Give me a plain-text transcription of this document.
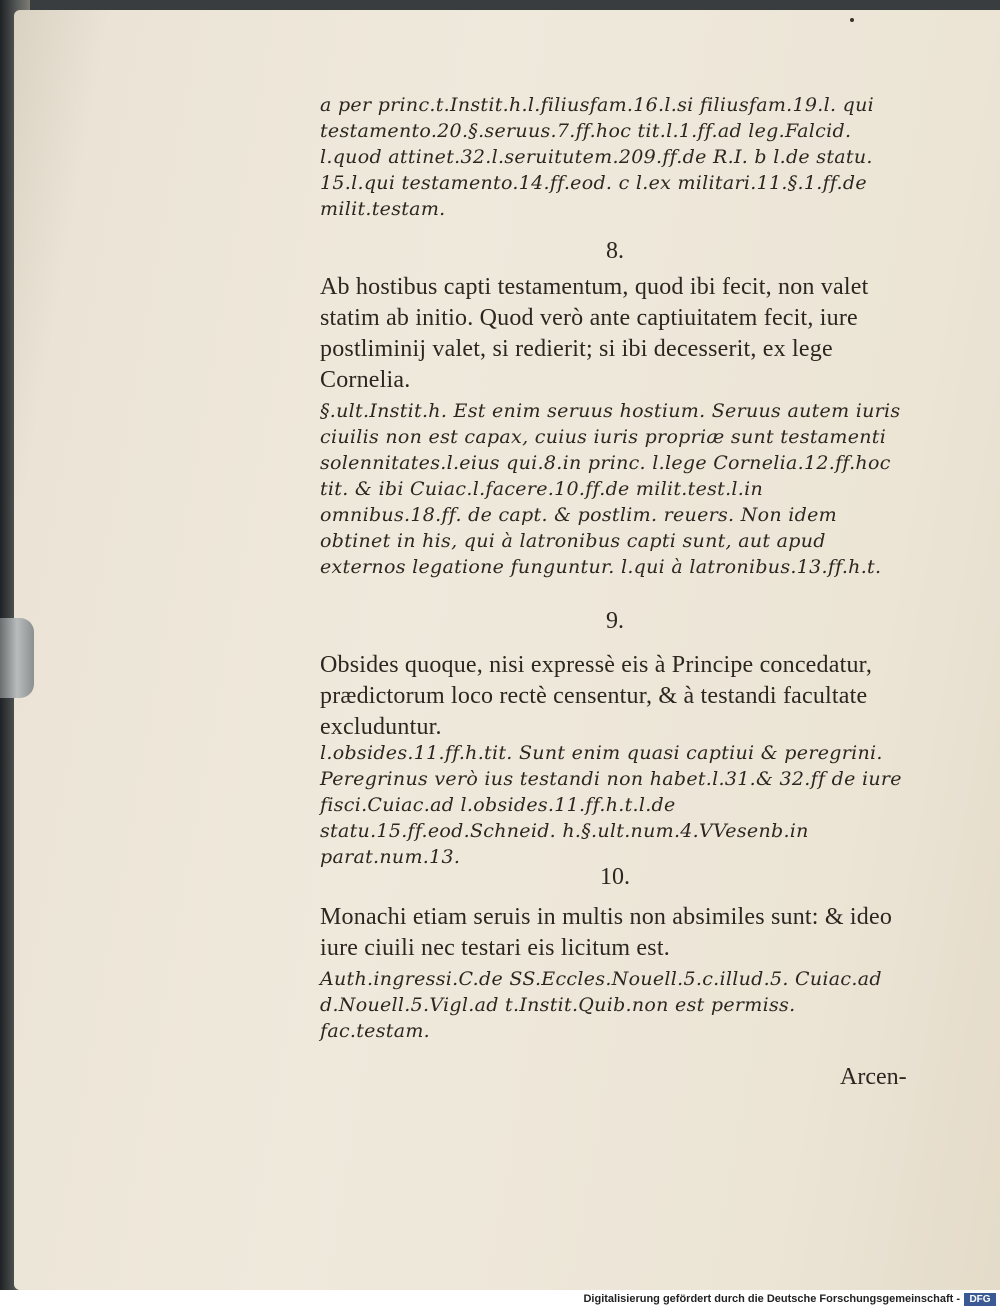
a per princ.t.Instit.h.l.filiusfam.16.l.si filiusfam.19.l. qui testamento.20.§.seruus.7.ff.hoc tit.l.1.ff.ad leg.Falcid. l.quod attinet.32.l.seruitutem.209.ff.de R.I. b l.de statu. 15.l.qui testamento.14.ff.eod. c l.ex militari.11.§.1.ff.de milit.testam.
8.
Ab hostibus capti testamentum, quod ibi fecit, non valet statim ab initio. Quod verò ante captiuitatem fecit, iure postliminij valet, si redierit; si ibi decesserit, ex lege Cornelia.
§.ult.Instit.h. Est enim seruus hostium. Seruus autem iuris ciuilis non est capax, cuius iuris propriæ sunt testamenti solennitates.l.eius qui.8.in princ. l.lege Cornelia.12.ff.hoc tit. & ibi Cuiac.l.facere.10.ff.de milit.test.l.in omnibus.18.ff. de capt. & postlim. reuers. Non idem obtinet in his, qui à latronibus capti sunt, aut apud externos legatione funguntur. l.qui à latronibus.13.ff.h.t.
9.
Obsides quoque, nisi expressè eis à Principe concedatur, prædictorum loco rectè censentur, & à testandi facultate excluduntur.
l.obsides.11.ff.h.tit. Sunt enim quasi captiui & peregrini. Peregrinus verò ius testandi non habet.l.31.& 32.ff de iure fisci.Cuiac.ad l.obsides.11.ff.h.t.l.de statu.15.ff.eod.Schneid. h.§.ult.num.4.VVesenb.in parat.num.13.
10.
Monachi etiam seruis in multis non absimiles sunt: & ideo iure ciuili nec testari eis licitum est.
Auth.ingressi.C.de SS.Eccles.Nouell.5.c.illud.5. Cuiac.ad d.Nouell.5.Vigl.ad t.Instit.Quib.non est permiss. fac.testam.
Arcen-
Digitalisierung gefördert durch die Deutsche Forschungsgemeinschaft - DFG
